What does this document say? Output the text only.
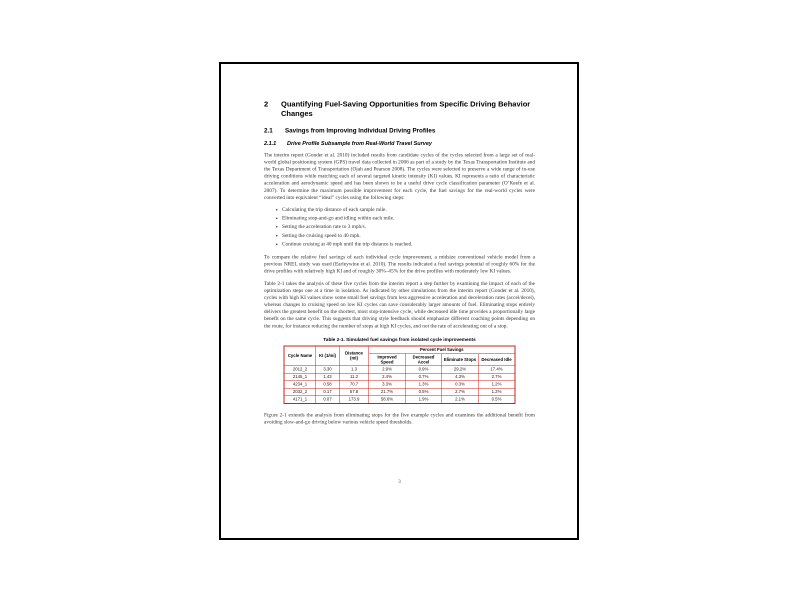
2 Quantifying Fuel-Saving Opportunities from Specific Driving Behavior Changes
2.1 Savings from Improving Individual Driving Profiles
2.1.1 Drive Profile Subsample from Real-World Travel Survey

The interim report (Gonder et al. 2010) included results from candidate cycles of the cycles selected from a large set of real-world global positioning system (GPS) travel data collected in 2006 as part of a study by the Texas Transportation Institute and the Texas Department of Transportation (Ojah and Pearson 2008). The cycles were selected to preserve a wide range of in-use driving conditions while matching each of several targeted kinetic intensity (KI) values. KI represents a ratio of characteristic acceleration and aerodynamic speed and has been shown to be a useful drive cycle classification parameter (O’Keefe et al. 2007). To determine the maximum possible improvement for each cycle, the fuel savings for the real-world cycles were converted into equivalent “ideal” cycles using the following steps:

• Calculating the trip distance of each sample mile.
• Eliminating stop-and-go and idling within each mile.
• Setting the acceleration rate to 3 mph/s.
• Setting the cruising speed to 40 mph.
• Continue cruising at 40 mph until the trip distance is reached.

To compare the relative fuel savings of each individual cycle improvement, a midsize conventional vehicle model from a previous NREL study was used (Earleywine et al. 2010). The results indicated a fuel savings potential of roughly 60% for the drive profiles with relatively high KI and of roughly 30%–45% for the drive profiles with moderately low KI values.

Table 2-1 takes the analysis of these five cycles from the interim report a step further by examining the impact of each of the optimization steps one at a time in isolation. As indicated by other simulations from the interim report (Gonder et al. 2010), cycles with high KI values show some small fuel savings from less aggressive acceleration and deceleration rates (accel/decel), whereas changes to cruising speed on low KI cycles can save considerably larger amounts of fuel. Eliminating stops entirely delivers the greatest benefit on the shortest, most stop-intensive cycle, while decreased idle time provides a proportionally large benefit on the same cycle. This suggests that driving style feedback should emphasize different coaching points depending on the route, for instance reducing the number of stops at high KI cycles, and not the rate of accelerating out of a stop.

Table 2-1. Simulated fuel savings from isolated cycle improvements
Cycle Name	KI (1/mi)	Distance (mi)	Percent Fuel Savings			
			Improved Speed	Decreased Accel	Eliminate Stops	Decreased Idle
2012_2	3.30	1.3	2.9%	0.9%	29.2%	17.4%
2145_1	1.43	11.2	2.4%	0.7%	4.3%	2.7%
4234_1	0.58	70.7	3.3%	1.3%	0.3%	1.2%
2032_2	0.17	57.8	21.7%	0.5%	2.7%	1.2%
4171_1	0.07	173.9	58.6%	1.9%	2.1%	0.5%

Figure 2-1 extends the analysis from eliminating stops for the five example cycles and examines the additional benefit from avoiding slow-and-go driving below various vehicle speed thresholds.

3
